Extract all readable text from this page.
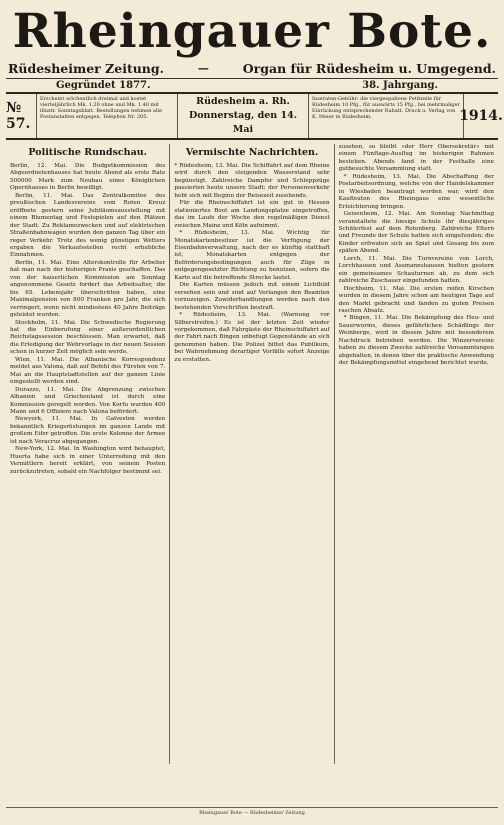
Rheingauer Bote.
Rüdesheimer Zeitung.	—	Organ für Rüdesheim u. Umgegend.
Gegründet 1877.	38. Jahrgang.
№ 57.
Erscheint wöchentlich dreimal und kostet vierteljährlich Mk. 1.20 ohne und Mk. 1.40 mit illustr. Sonntagsblatt. Bestellungen nehmen alle Postanstalten entgegen. Telephon Nr. 205.
Rüdesheim a. Rh.
Donnerstag, den 14. Mai
Inseraten-Gebühr: die viergespaltene Petitzeile für Rüdesheim 10 Pfg., für auswärts 15 Pfg., bei mehrmaliger Einrückung entsprechender Rabatt. Druck u. Verlag von K. Meier in Rüdesheim.	1914.
Politische Rundschau.

Berlin, 12. Mai. Die Budgetkommission des Abgeordnetenhauses hat heute Abend als erste Rate 500000 Mark zum Neubau eines Königlichen Opernhauses in Berlin bewilligt.

Berlin, 11. Mai. Das Zentralkomitee des preußischen Landesvereins vom Roten Kreuz eröffnete gestern seine Jubiläumsausstellung mit einem Blumentag und Festspielen auf den Plätzen der Stadt. Zu Reklamezwecken und auf elektrischen Straßenbahnwagen wurden den ganzen Tag über ein reger Verkehr. Trotz des wenig günstigen Wetters ergaben die Verkaufsstellen recht erhebliche Einnahmen.

Berlin, 11. Mai. Eine Alterskontrolle für Arbeiter hat man nach der bisherigen Praxis geschaffen. Das von der kaiserlichen Kommission am Sonntag angenommene Gesetz fordert das Arbeitsalter, die bis 65. Lebensjahr überschritten haben, eine Maximalpension von 800 Franken pro Jahr, die sich verringert, wenn nicht mindestens 40 Jahre Beiträge geleistet wurden.

Stockholm, 11. Mai. Die Schwedische Regierung hat die Einberufung einer außerordentlichen Reichstagssession beschlossen. Man erwartet, daß die Erledigung der Wehrvorlage in der neuen Session schon in kurzer Zeit möglich sein werde.

Wien, 11. Mai. Die Albanische Korrespondenz meldet aus Valona, daß auf Befehl des Fürsten von 7. Mai an die Hauptstadtstellen auf der ganzen Linie eingestellt werden sind.

Durazzo, 11. Mai. Die Abgrenzung zwischen Albanien und Griechenland ist durch eine Kommission geregelt worden. Von Korfu wurden 400 Mann und 6 Offiziere nach Valona befördert.

Newyork, 11. Mai. In Galveston werden bekanntlich Kriegsrüstungen im ganzen Lande mit großem Eifer getroffen. Die erste Kolonne der Armee ist nach Veracruz abgegangen.

New-York, 12. Mai. In Washington wird behauptet, Huerta habe sich in einer Unterredung mit den Vermittlern bereit erklärt, von seinem Posten zurückzutreten, sobald ein Nachfolger bestimmt sei.

Vermischte Nachrichten.

* Rüdesheim, 13. Mai. Die Schiffahrt auf dem Rheine wird durch den steigenden Wasserstand sehr begünstigt. Zahlreiche Dampfer und Schleppzüge passierten heute unsere Stadt; der Personenverkehr hebt sich mit Beginn der Reisezeit zusehends.

Für die Rheinschiffahrt ist ein gut in Hessen stationiertes Boot am Landungsplatze eingetroffen, das im Laufe der Woche den regelmäßigen Dienst zwischen Mainz und Köln aufnimmt.

* Rüdesheim, 13. Mai. Wichtig für Monatskartenbesitzer ist die Verfügung der Eisenbahnverwaltung, nach der es künftig statthaft ist, Monatskarten entgegen der Beförderungsbedingungen auch für Züge in entgegengesetzter Richtung zu benutzen, sofern die Karte auf die betreffende Strecke lautet.

Die Karten müssen jedoch mit einem Lichtbild versehen sein und sind auf Verlangen den Beamten vorzuzeigen. Zuwiderhandlungen werden nach den bestehenden Vorschriften bestraft.

* Rüdesheim, 13. Mai. (Warnung vor Silberstreifen.) Es ist der letzten Zeit wieder vorgekommen, daß Fahrgäste der Rheinschiffahrt auf der Fahrt nach Bingen unbefugt Gegenstände an sich genommen haben. Die Polizei bittet das Publikum, bei Wahrnehmung derartiger Vorfälle sofort Anzeige zu erstatten.

zusehen, so bleibt »der Herr Obersekretär« mit einem Fünftage-Ausflug im bisherigen Rahmen bestehen. Abends fand in der Festhalle eine gutbesuchte Versammlung statt.

* Rüdesheim, 13. Mai. Die Abschaffung der Postarbeitsordnung, welche von der Handelskammer in Wiesbaden beantragt worden war, wird den Kaufleuten des Rheingaus eine wesentliche Erleichterung bringen.

Geisenheim, 12. Mai. Am Sonntag Nachmittag veranstaltete die hiesige Schule ihr diesjähriges Schülerfest auf dem Rotenberg. Zahlreiche Eltern und Freunde der Schule hatten sich eingefunden; die Kinder erfreuten sich an Spiel und Gesang bis zum späten Abend.

Lorch, 11. Mai. Die Turnvereine von Lorch, Lorchhausen und Assmannshausen hielten gestern ein gemeinsames Schauturnen ab, zu dem sich zahlreiche Zuschauer eingefunden hatten.

Hochheim, 11. Mai. Die ersten reifen Kirschen wurden in diesem Jahre schon am heutigen Tage auf den Markt gebracht und fanden zu guten Preisen raschen Absatz.

* Bingen, 11. Mai. Die Bekämpfung des Heu- und Sauerwurms, dieses gefährlichen Schädlings der Weinberge, wird in diesem Jahre mit besonderem Nachdruck betrieben werden. Die Winzervereine haben zu diesem Zwecke zahlreiche Versammlungen abgehalten, in denen über die praktische Anwendung der Bekämpfungsmittel eingehend berichtet wurde.

Rheingauer Bote — Rüdesheimer Zeitung
